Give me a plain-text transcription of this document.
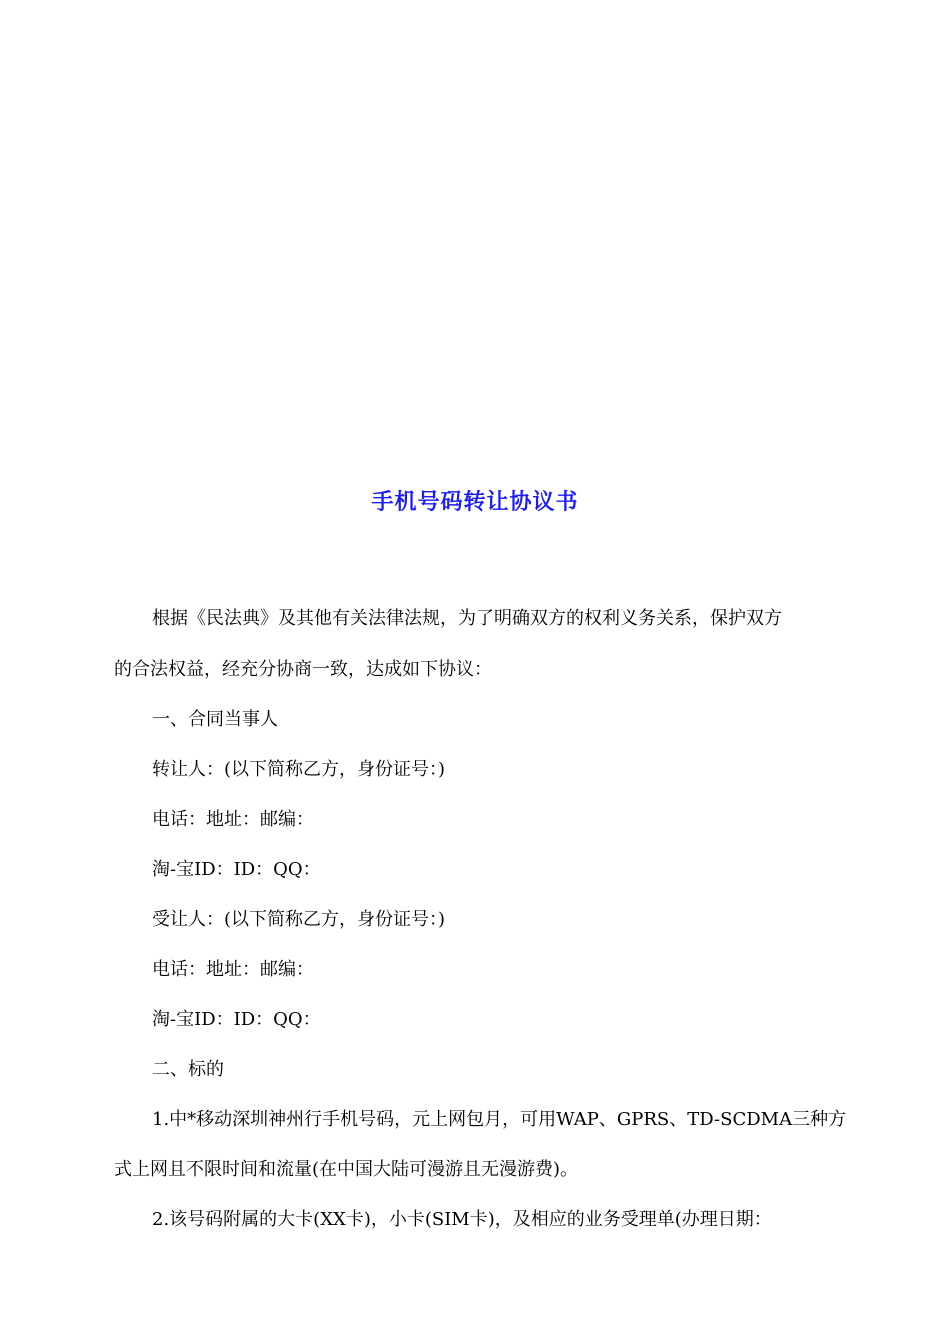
手机号码转让协议书
根据《民法典》及其他有关法律法规，为了明确双方的权利义务关系，保护双方
的合法权益，经充分协商一致，达成如下协议：
一、合同当事人
转让人：(以下简称乙方，身份证号：)
电话：地址：邮编：
淘-宝ID：ID：QQ：
受让人：(以下简称乙方，身份证号：)
电话：地址：邮编：
淘-宝ID：ID：QQ：
二、标的
1.中*移动深圳神州行手机号码，元上网包月，可用WAP、GPRS、TD-SCDMA三种方
式上网且不限时间和流量(在中国大陆可漫游且无漫游费)。
2.该号码附属的大卡(XX卡)，小卡(SIM卡)，及相应的业务受理单(办理日期：
